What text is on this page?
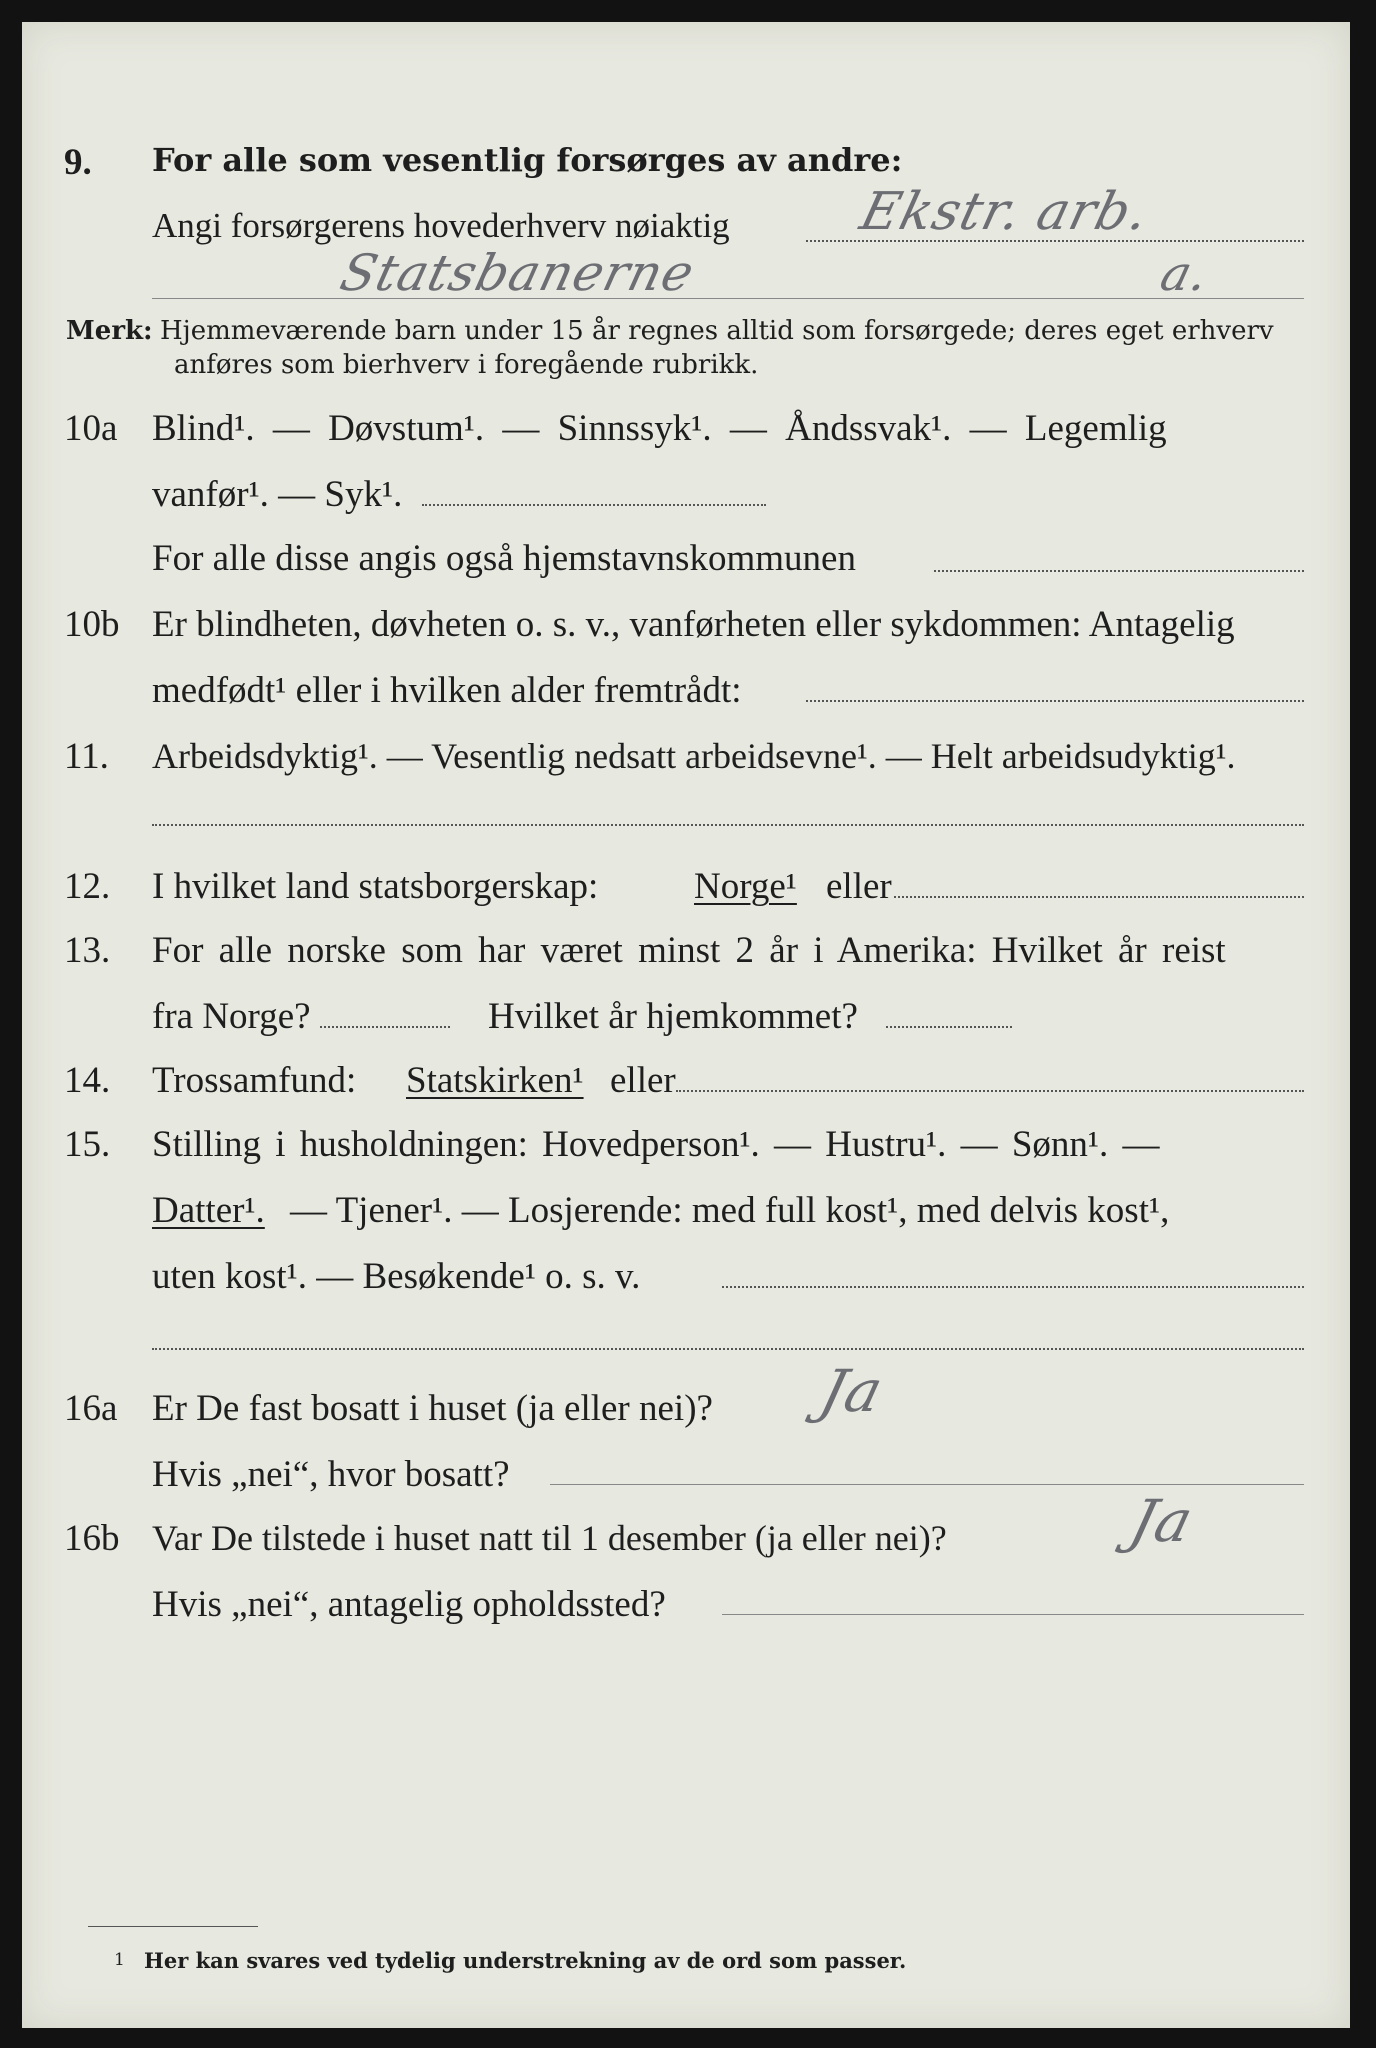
9. For alle som vesentlig forsørges av andre:
Angi forsørgerens hovederhverv nøiaktig Ekstr. arb.
Statsbanerne	a.
Merk: Hjemmeværende barn under 15 år regnes alltid som forsørgede; deres eget erhverv
anføres som bierhverv i foregående rubrikk.
10a Blind¹. — Døvstum¹. — Sinnssyk¹. — Åndssvak¹. — Legemlig
vanfør¹. — Syk¹.
For alle disse angis også hjemstavnskommunen
10b Er blindheten, døvheten o. s. v., vanførheten eller sykdommen: Antagelig
medfødt¹ eller i hvilken alder fremtrådt:
11. Arbeidsdyktig¹. — Vesentlig nedsatt arbeidsevne¹. — Helt arbeidsudyktig¹.
12. I hvilket land statsborgerskap:	Norge¹ eller
13. For alle norske som har været minst 2 år i Amerika: Hvilket år reist
fra Norge?	Hvilket år hjemkommet?
14. Trossamfund: Statskirken¹ eller
15. Stilling i husholdningen: Hovedperson¹. — Hustru¹. — Sønn¹. —
Datter¹. — Tjener¹. — Losjerende: med full kost¹, med delvis kost¹,
uten kost¹. — Besøkende¹ o. s. v.
16a Er De fast bosatt i huset (ja eller nei)? Ja
Hvis „nei“, hvor bosatt?
16b Var De tilstede i huset natt til 1 desember (ja eller nei)?	Ja
Hvis „nei“, antagelig opholdssted?
1 Her kan svares ved tydelig understrekning av de ord som passer.
